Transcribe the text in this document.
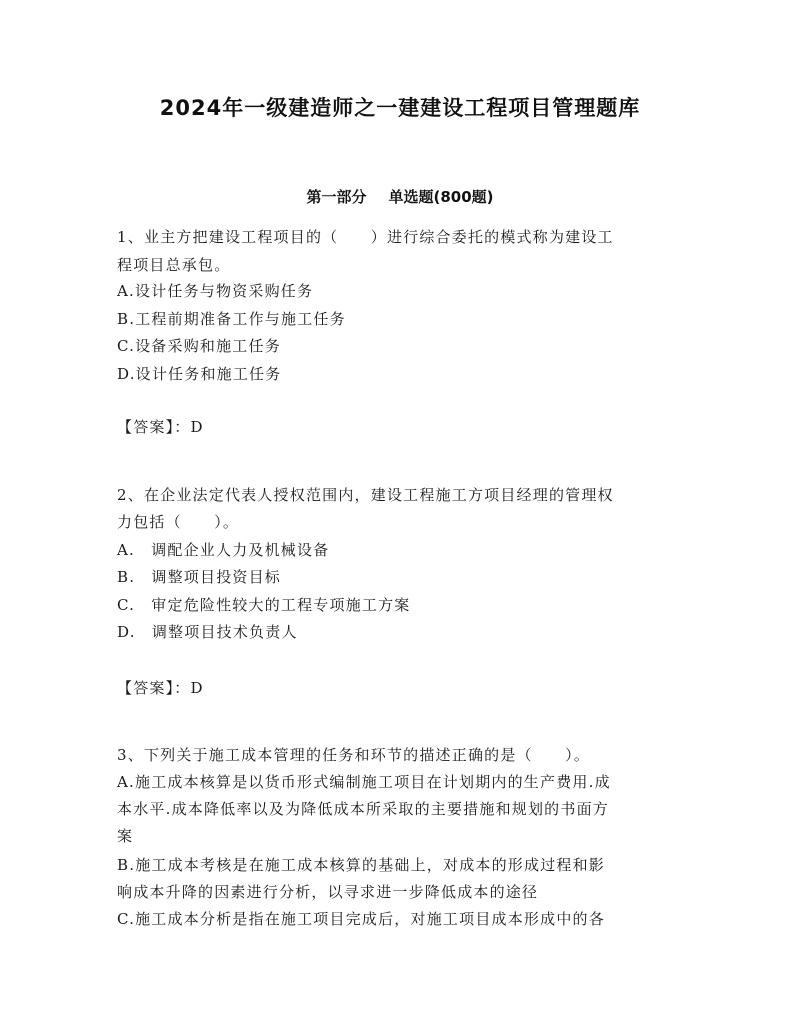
2024年一级建造师之一建建设工程项目管理题库
第一部分 单选题(800题)
1、业主方把建设工程项目的（　　）进行综合委托的模式称为建设工
程项目总承包。
A.设计任务与物资采购任务
B.工程前期准备工作与施工任务
C.设备采购和施工任务
D.设计任务和施工任务
【答案】：D
2、在企业法定代表人授权范围内，建设工程施工方项目经理的管理权
力包括（　　）。
A.　调配企业人力及机械设备
B.　调整项目投资目标
C.　审定危险性较大的工程专项施工方案
D.　调整项目技术负责人
【答案】：D
3、下列关于施工成本管理的任务和环节的描述正确的是（　　）。
A.施工成本核算是以货币形式编制施工项目在计划期内的生产费用.成
本水平.成本降低率以及为降低成本所采取的主要措施和规划的书面方
案
B.施工成本考核是在施工成本核算的基础上，对成本的形成过程和影
响成本升降的因素进行分析，以寻求进一步降低成本的途径
C.施工成本分析是指在施工项目完成后，对施工项目成本形成中的各
